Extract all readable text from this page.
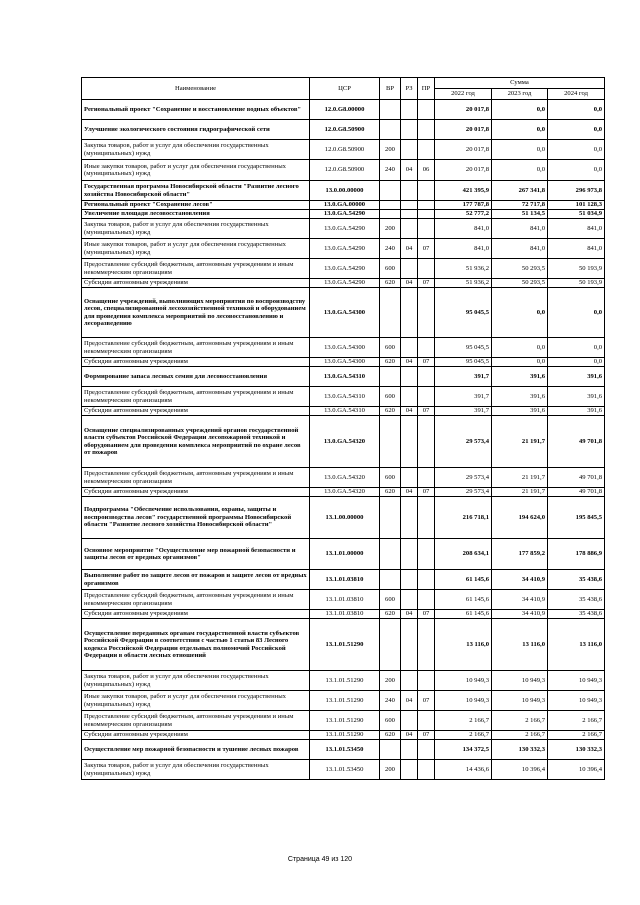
Наименование	ЦСР	ВР	РЗ	ПР	Сумма		
					2022 год	2023 год	2024 год
Региональный проект "Сохранение и восстановление водных объектов"	12.0.G8.00000				20 017,8	0,0	0,0
Улучшение экологического состояния гидрографической сети	12.0.G8.50900				20 017,8	0,0	0,0
Закупка товаров, работ и услуг для обеспечения государственных (муниципальных) нужд	12.0.G8.50900	200			20 017,8	0,0	0,0
Иные закупки товаров, работ и услуг для обеспечения государственных (муниципальных) нужд	12.0.G8.50900	240	04	06	20 017,8	0,0	0,0
Государственная программа Новосибирской области "Развитие лесного хозяйства Новосибирской области"	13.0.00.00000				421 395,9	267 341,8	296 973,8
Региональный проект "Сохранение лесов"	13.0.GA.00000				177 787,8	72 717,8	101 128,3
Увеличение площади лесовосстановления	13.0.GA.54290				52 777,2	51 134,5	51 034,9
Закупка товаров, работ и услуг для обеспечения государственных (муниципальных) нужд	13.0.GA.54290	200			841,0	841,0	841,0
Иные закупки товаров, работ и услуг для обеспечения государственных (муниципальных) нужд	13.0.GA.54290	240	04	07	841,0	841,0	841,0
Предоставление субсидий бюджетным, автономным учреждениям и иным некоммерческим организациям	13.0.GA.54290	600			51 936,2	50 293,5	50 193,9
Субсидии автономным учреждениям	13.0.GA.54290	620	04	07	51 936,2	50 293,5	50 193,9
Оснащение учреждений, выполняющих мероприятия по воспроизводству лесов, специализированной лесохозяйственной техникой и оборудованием для проведения комплекса мероприятий по лесовосстановлению и лесоразведению	13.0.GA.54300				95 045,5	0,0	0,0
Предоставление субсидий бюджетным, автономным учреждениям и иным некоммерческим организациям	13.0.GA.54300	600			95 045,5	0,0	0,0
Субсидии автономным учреждениям	13.0.GA.54300	620	04	07	95 045,5	0,0	0,0
Формирование запаса лесных семян для лесовосстановления	13.0.GA.54310				391,7	391,6	391,6
Предоставление субсидий бюджетным, автономным учреждениям и иным некоммерческим организациям	13.0.GA.54310	600			391,7	391,6	391,6
Субсидии автономным учреждениям	13.0.GA.54310	620	04	07	391,7	391,6	391,6
Оснащение специализированных учреждений органов государственной власти субъектов Российской Федерации лесопожарной техникой и оборудованием для проведения комплекса мероприятий по охране лесов от пожаров	13.0.GA.54320				29 573,4	21 191,7	49 701,8
Предоставление субсидий бюджетным, автономным учреждениям и иным некоммерческим организациям	13.0.GA.54320	600			29 573,4	21 191,7	49 701,8
Субсидии автономным учреждениям	13.0.GA.54320	620	04	07	29 573,4	21 191,7	49 701,8
Подпрограмма "Обеспечение использования, охраны, защиты и воспроизводства лесов" государственной программы Новосибирской области "Развитие лесного хозяйства Новосибирской области"	13.1.00.00000				216 718,1	194 624,0	195 845,5
Основное мероприятие "Осуществление мер пожарной безопасности и защиты лесов от вредных организмов"	13.1.01.00000				208 634,1	177 859,2	178 886,9
Выполнение работ по защите лесов от пожаров и защите лесов от вредных организмов	13.1.01.03810				61 145,6	34 410,9	35 438,6
Предоставление субсидий бюджетным, автономным учреждениям и иным некоммерческим организациям	13.1.01.03810	600			61 145,6	34 410,9	35 438,6
Субсидии автономным учреждениям	13.1.01.03810	620	04	07	61 145,6	34 410,9	35 438,6
Осуществление переданных органам государственной власти субъектов Российской Федерации в соответствии с частью 1 статьи 83 Лесного кодекса Российской Федерации отдельных полномочий Российской Федерации в области лесных отношений	13.1.01.51290				13 116,0	13 116,0	13 116,0
Закупка товаров, работ и услуг для обеспечения государственных (муниципальных) нужд	13.1.01.51290	200			10 949,3	10 949,3	10 949,3
Иные закупки товаров, работ и услуг для обеспечения государственных (муниципальных) нужд	13.1.01.51290	240	04	07	10 949,3	10 949,3	10 949,3
Предоставление субсидий бюджетным, автономным учреждениям и иным некоммерческим организациям	13.1.01.51290	600			2 166,7	2 166,7	2 166,7
Субсидии автономным учреждениям	13.1.01.51290	620	04	07	2 166,7	2 166,7	2 166,7
Осуществление мер пожарной безопасности и тушение лесных пожаров	13.1.01.53450				134 372,5	130 332,3	130 332,3
Закупка товаров, работ и услуг для обеспечения государственных (муниципальных) нужд	13.1.01.53450	200			14 436,6	10 396,4	10 396,4
Страница 49 из 120
